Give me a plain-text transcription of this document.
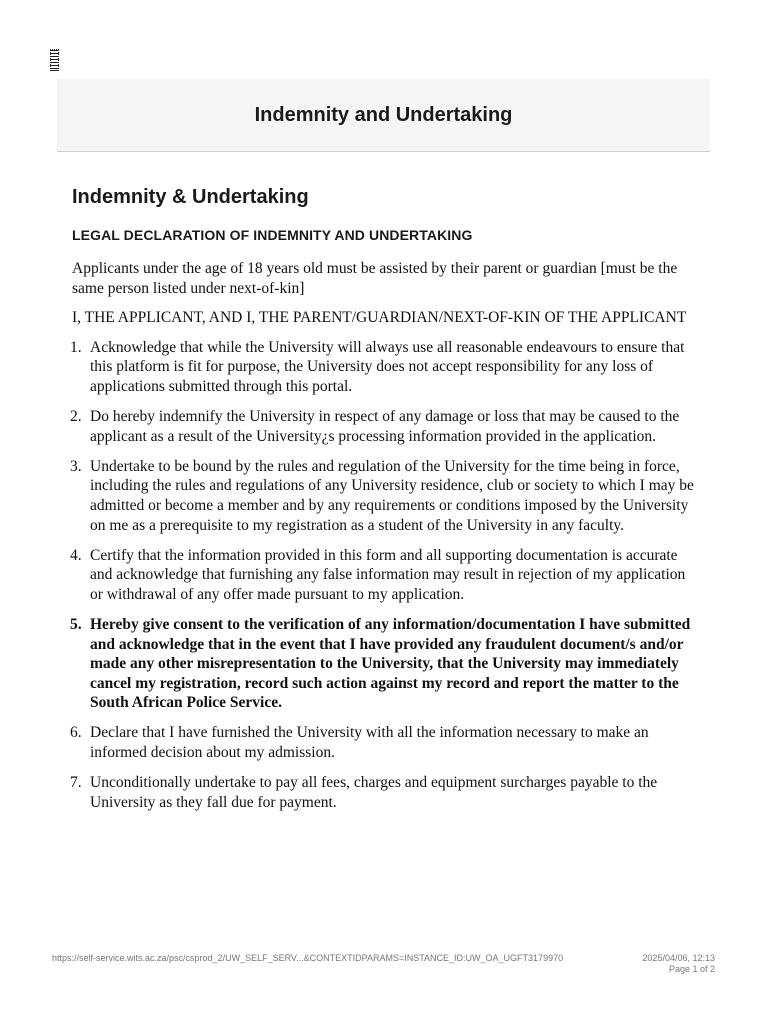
Indemnity and Undertaking
Indemnity & Undertaking
LEGAL DECLARATION OF INDEMNITY AND UNDERTAKING

Applicants under the age of 18 years old must be assisted by their parent or guardian [must be the same person listed under next-of-kin]

I, THE APPLICANT, AND I, THE PARENT/GUARDIAN/NEXT-OF-KIN OF THE APPLICANT

1. Acknowledge that while the University will always use all reasonable endeavours to ensure that this platform is fit for purpose, the University does not accept responsibility for any loss of applications submitted through this portal.
2. Do hereby indemnify the University in respect of any damage or loss that may be caused to the applicant as a result of the University¿s processing information provided in the application.
3. Undertake to be bound by the rules and regulation of the University for the time being in force, including the rules and regulations of any University residence, club or society to which I may be admitted or become a member and by any requirements or conditions imposed by the University on me as a prerequisite to my registration as a student of the University in any faculty.
4. Certify that the information provided in this form and all supporting documentation is accurate and acknowledge that furnishing any false information may result in rejection of my application or withdrawal of any offer made pursuant to my application.
5. Hereby give consent to the verification of any information/documentation I have submitted and acknowledge that in the event that I have provided any fraudulent document/s and/or made any other misrepresentation to the University, that the University may immediately cancel my registration, record such action against my record and report the matter to the South African Police Service.
6. Declare that I have furnished the University with all the information necessary to make an informed decision about my admission.
7. Unconditionally undertake to pay all fees, charges and equipment surcharges payable to the University as they fall due for payment.
https://self-service.wits.ac.za/psc/csprod_2/UW_SELF_SERV...&CONTEXTIDPARAMS=INSTANCE_ID:UW_OA_UGFT3179970	2025/04/06, 12:13
Page 1 of 2
